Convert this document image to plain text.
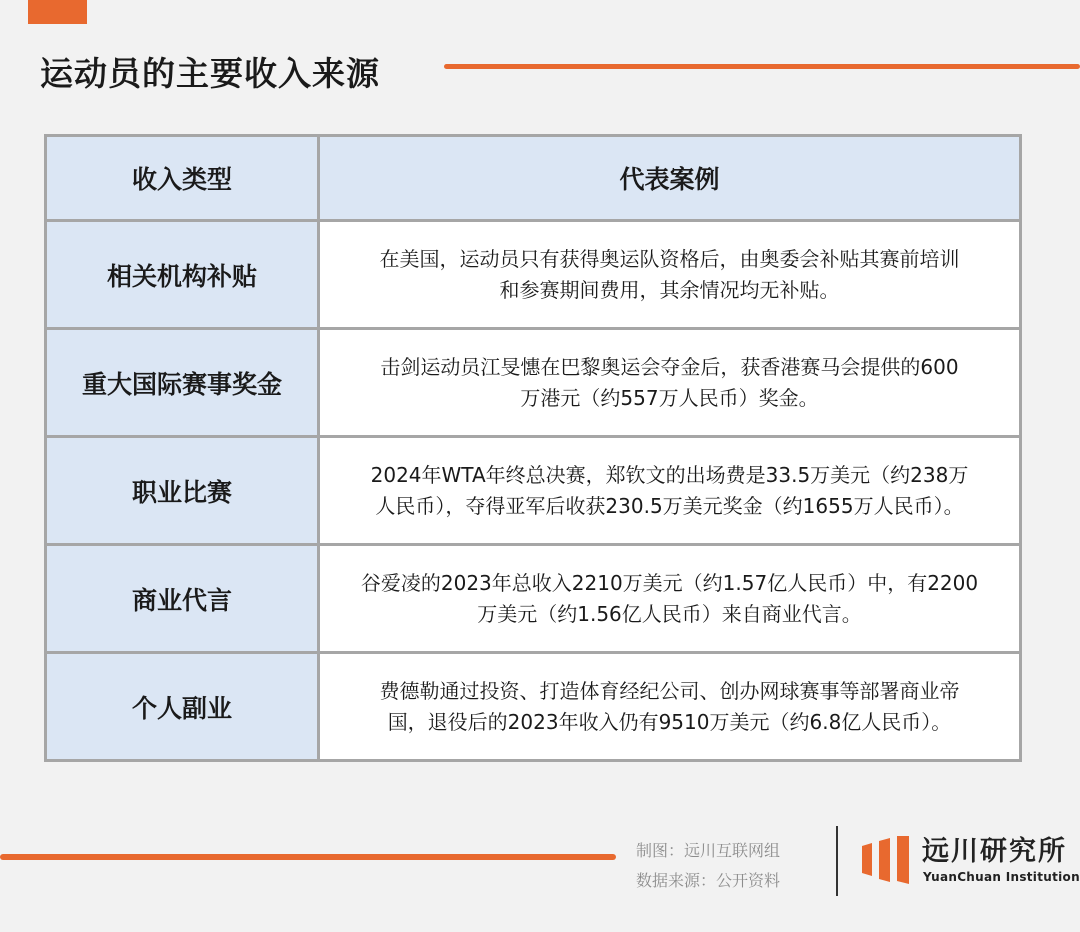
运动员的主要收入来源
收入类型	代表案例
相关机构补贴	在美国，运动员只有获得奥运队资格后，由奥委会补贴其赛前培训
和参赛期间费用，其余情况均无补贴。

重大国际赛事奖金	击剑运动员江旻憓在巴黎奥运会夺金后，获香港赛马会提供的600
万港元（约557万人民币）奖金。

职业比赛	2024年WTA年终总决赛，郑钦文的出场费是33.5万美元（约238万
人民币），夺得亚军后收获230.5万美元奖金（约1655万人民币）。

商业代言	谷爱凌的2023年总收入2210万美元（约1.57亿人民币）中，有2200
万美元（约1.56亿人民币）来自商业代言。

个人副业	费德勒通过投资、打造体育经纪公司、创办网球赛事等部署商业帝
国，退役后的2023年收入仍有9510万美元（约6.8亿人民币）。
制图：远川互联网组
数据来源：公开资料
远川研究所
YuanChuan Institution
